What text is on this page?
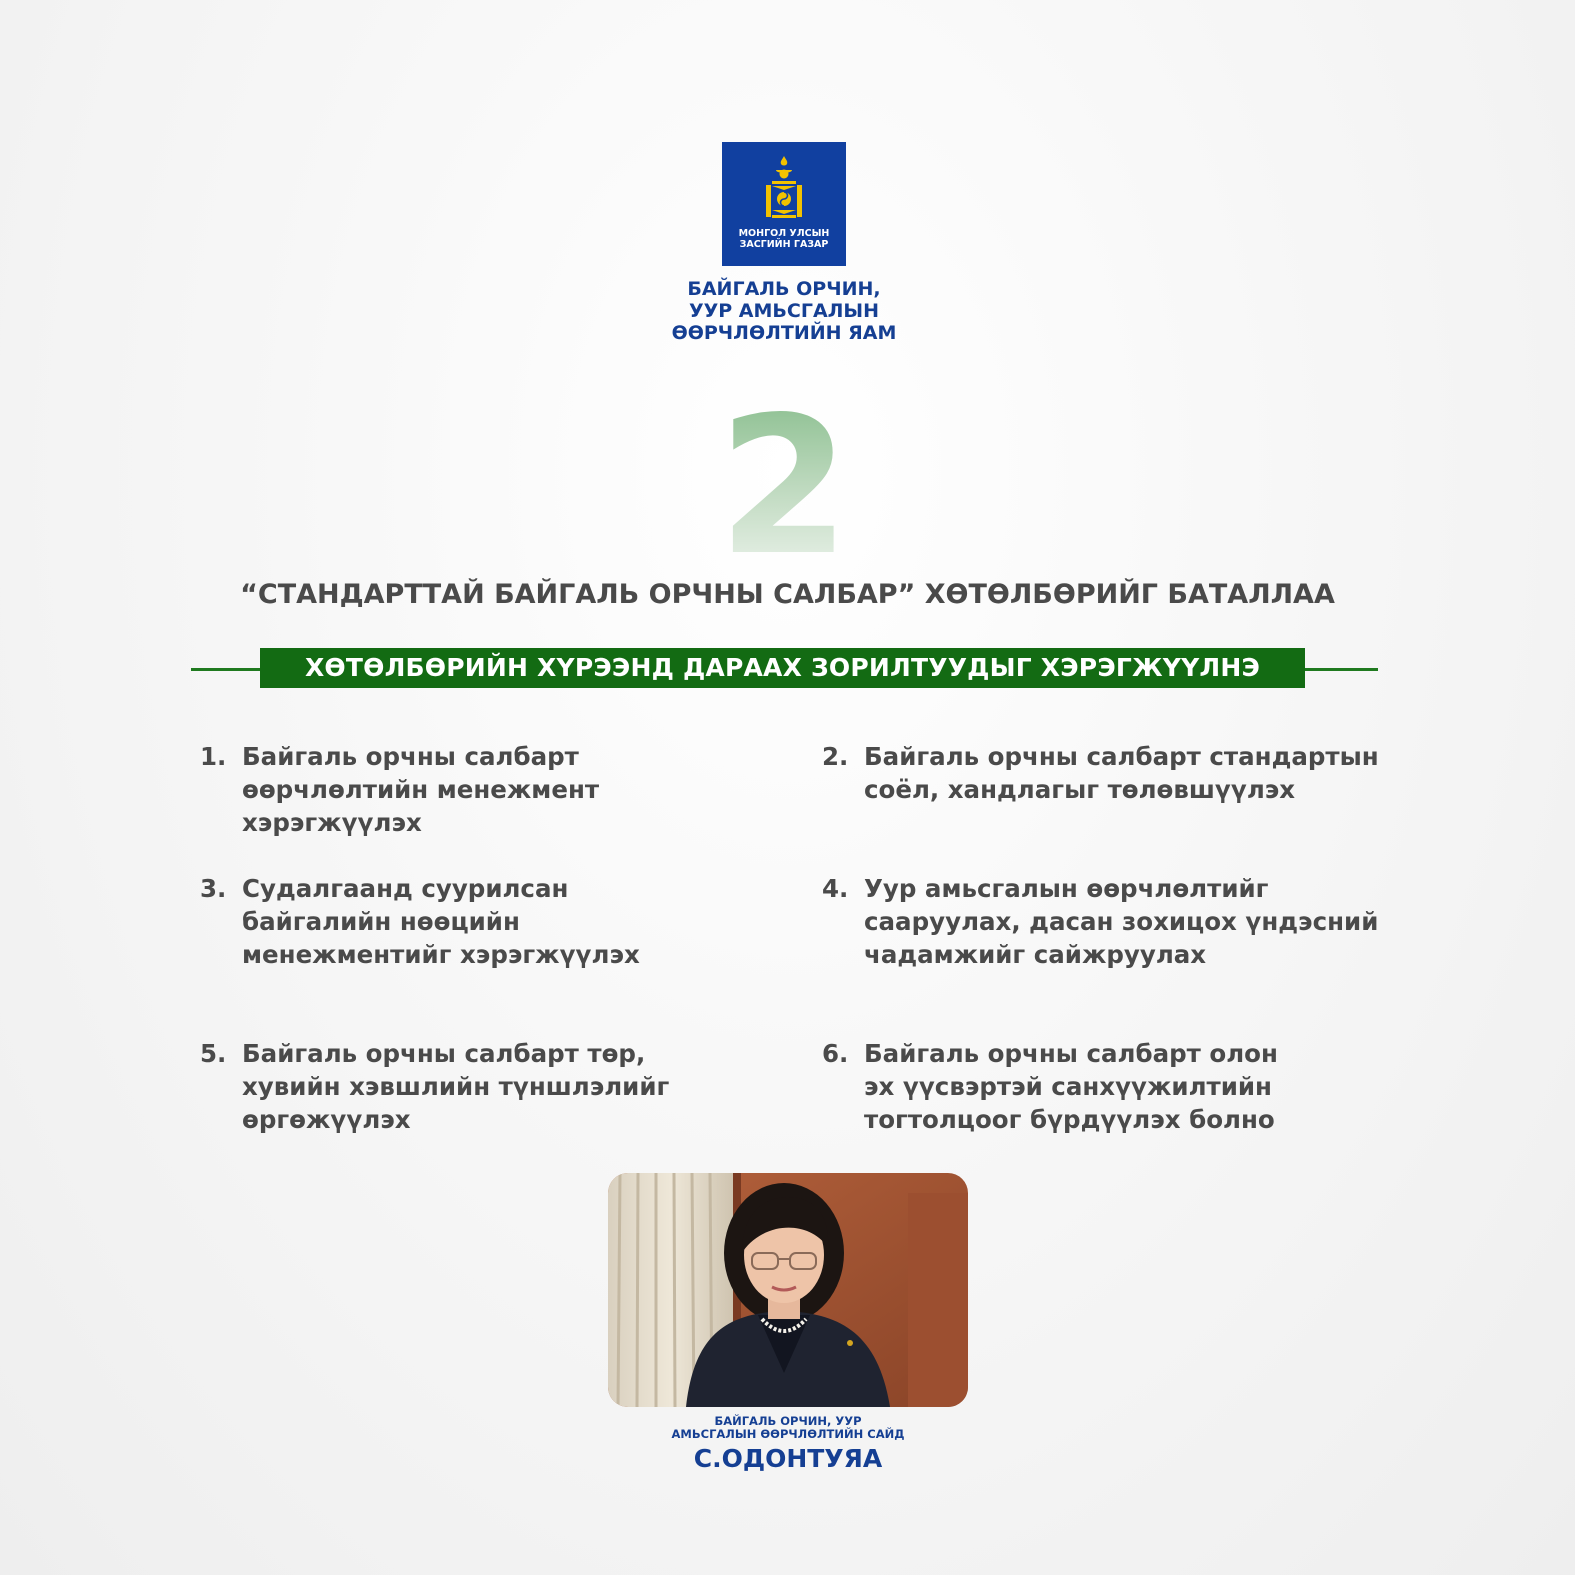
МОНГОЛ УЛСЫН
ЗАСГИЙН ГАЗАР
БАЙГАЛЬ ОРЧИН,
УУР АМЬСГАЛЫН
ӨӨРЧЛӨЛТИЙН ЯАМ
2
“СТАНДАРТТАЙ БАЙГАЛЬ ОРЧНЫ САЛБАР” ХӨТӨЛБӨРИЙГ БАТАЛЛАА
ХӨТӨЛБӨРИЙН ХҮРЭЭНД ДАРААХ ЗОРИЛТУУДЫГ ХЭРЭГЖҮҮЛНЭ
1. Байгаль орчны салбарт
өөрчлөлтийн менежмент
хэрэгжүүлэх
2. Байгаль орчны салбарт стандартын
соёл, хандлагыг төлөвшүүлэх
3. Судалгаанд суурилсан
байгалийн нөөцийн
менежментийг хэрэгжүүлэх
4. Уур амьсгалын өөрчлөлтийг
сааруулах, дасан зохицох үндэсний
чадамжийг сайжруулах
5. Байгаль орчны салбарт төр,
хувийн хэвшлийн түншлэлийг
өргөжүүлэх
6. Байгаль орчны салбарт олон
эх үүсвэртэй санхүүжилтийн
тогтолцоог бүрдүүлэх болно
БАЙГАЛЬ ОРЧИН, УУР
АМЬСГАЛЫН ӨӨРЧЛӨЛТИЙН САЙД
С.ОДОНТУЯА
